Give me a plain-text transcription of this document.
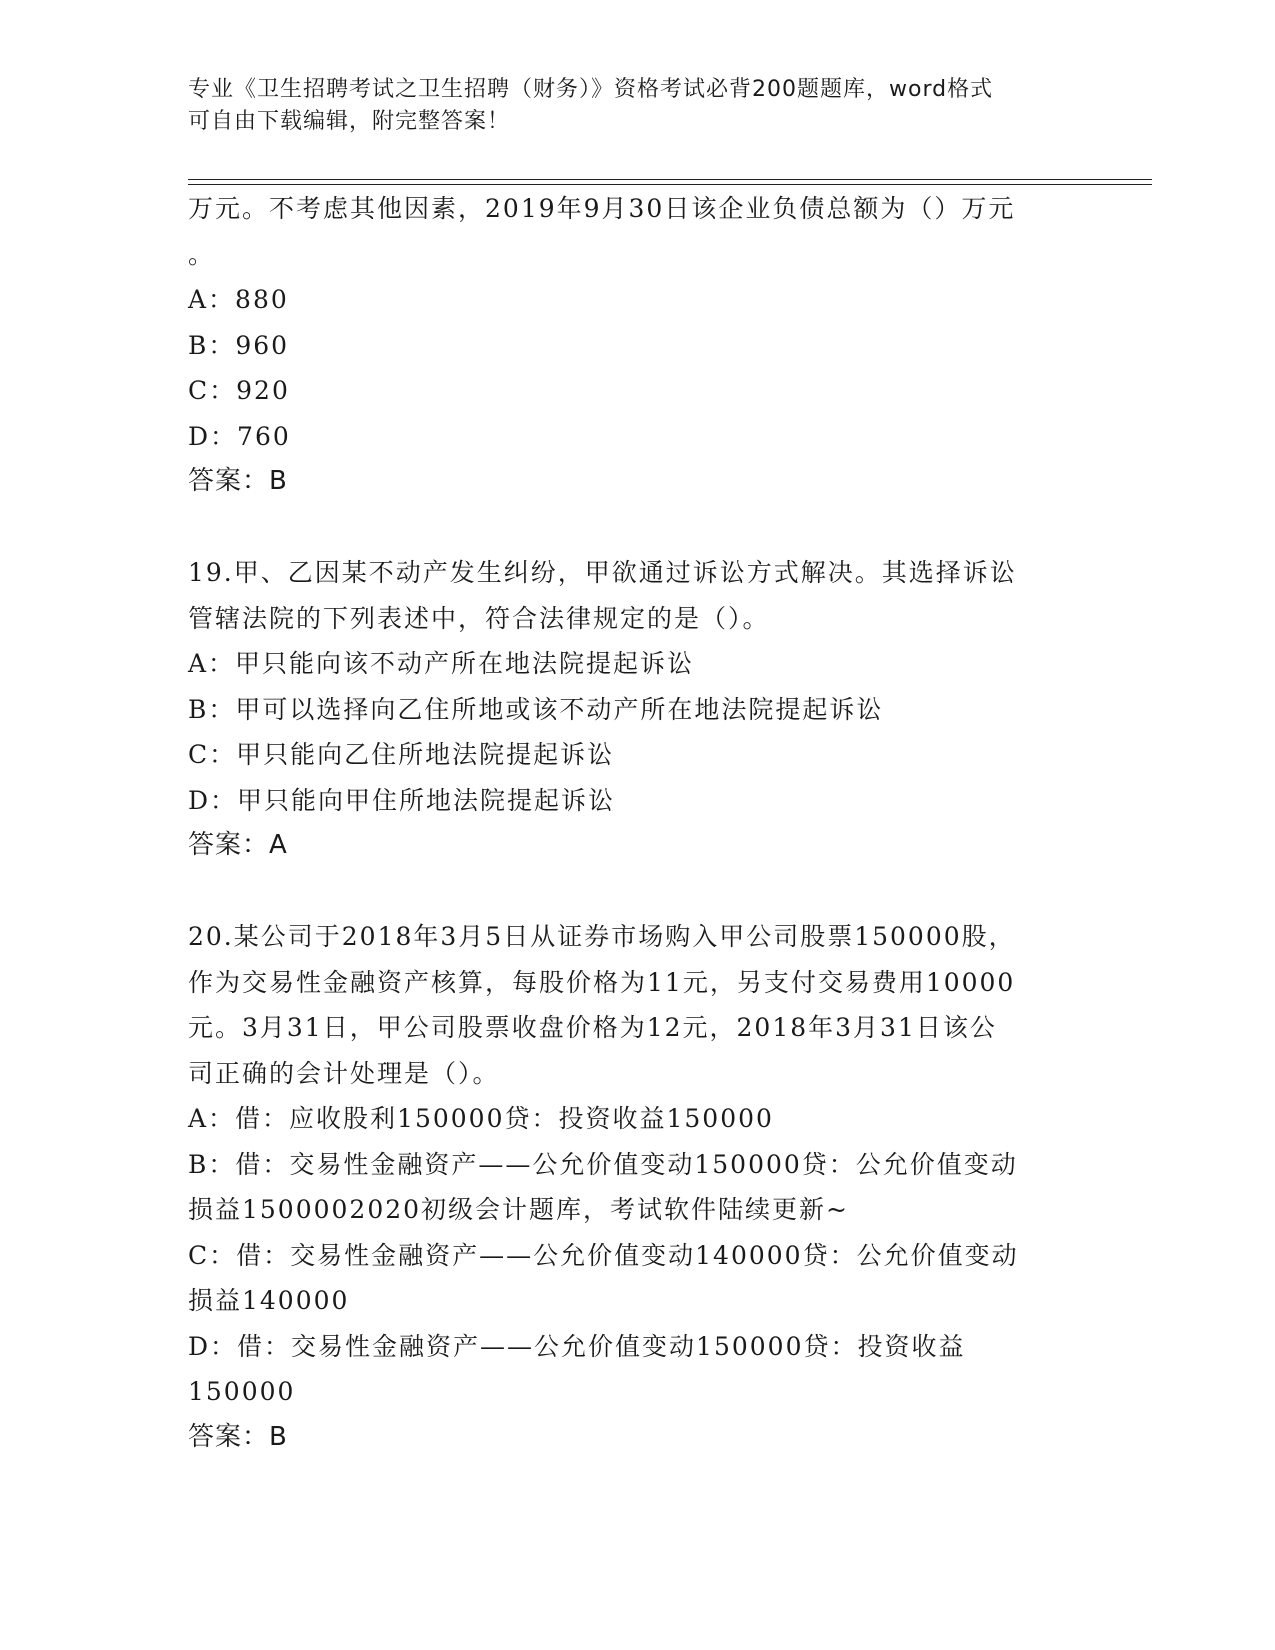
专业《卫生招聘考试之卫生招聘（财务）》资格考试必背200题题库，word格式
可自由下载编辑，附完整答案！
万元。不考虑其他因素，2019年9月30日该企业负债总额为（）万元
。
A：880
B：960
C：920
D：760
答案：B
19.甲、乙因某不动产发生纠纷，甲欲通过诉讼方式解决。其选择诉讼
管辖法院的下列表述中，符合法律规定的是（）。
A：甲只能向该不动产所在地法院提起诉讼
B：甲可以选择向乙住所地或该不动产所在地法院提起诉讼
C：甲只能向乙住所地法院提起诉讼
D：甲只能向甲住所地法院提起诉讼
答案：A
20.某公司于2018年3月5日从证券市场购入甲公司股票150000股，
作为交易性金融资产核算，每股价格为11元，另支付交易费用10000
元。3月31日，甲公司股票收盘价格为12元，2018年3月31日该公
司正确的会计处理是（）。
A：借：应收股利150000贷：投资收益150000
B：借：交易性金融资产——公允价值变动150000贷：公允价值变动
损益1500002020初级会计题库，考试软件陆续更新~
C：借：交易性金融资产——公允价值变动140000贷：公允价值变动
损益140000
D：借：交易性金融资产——公允价值变动150000贷：投资收益
150000
答案：B
